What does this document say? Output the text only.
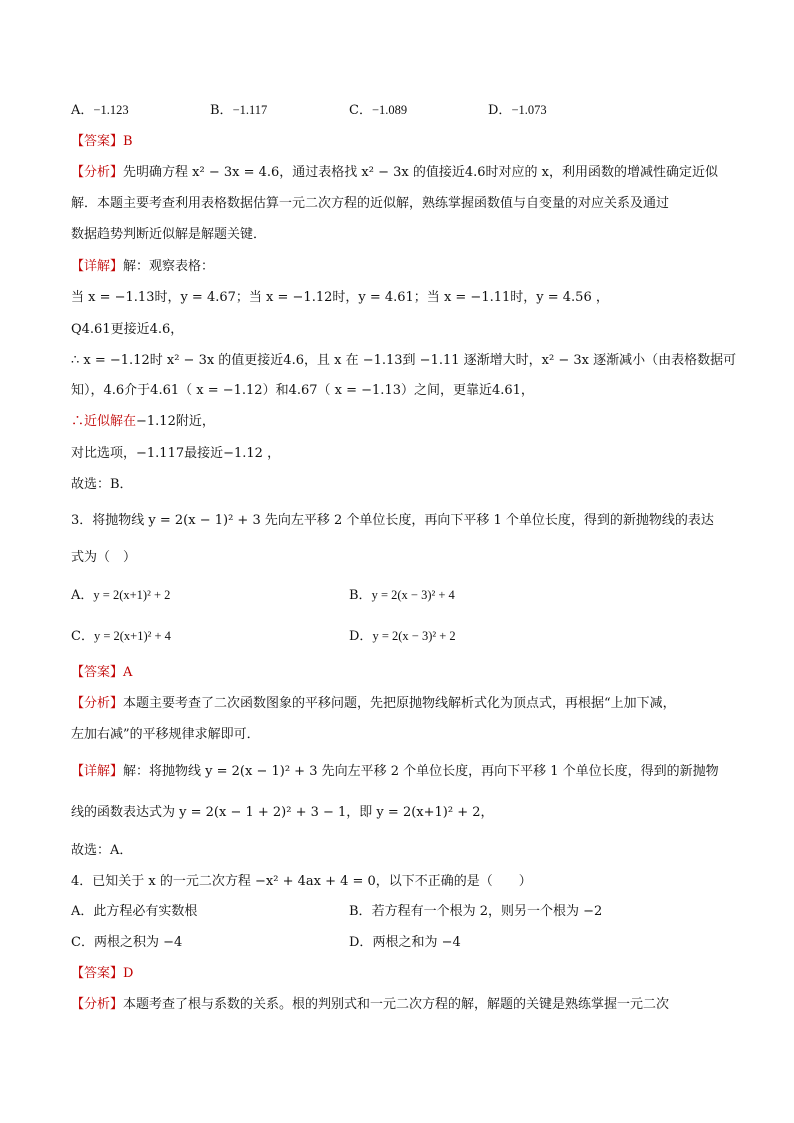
A．−1.123	B．−1.117	C．−1.089	D．−1.073
【答案】B
【分析】先明确方程 x² − 3x = 4.6，通过表格找 x² − 3x 的值接近4.6时对应的 x，利用函数的增减性确定近似
解．本题主要考查利用表格数据估算一元二次方程的近似解，熟练掌握函数值与自变量的对应关系及通过
数据趋势判断近似解是解题关键．
【详解】解：观察表格：
当 x = −1.13时，y = 4.67；当 x = −1.12时，y = 4.61；当 x = −1.11时，y = 4.56 ，
Q4.61更接近4.6，
∴ x = −1.12时 x² − 3x 的值更接近4.6，且 x 在 −1.13到 −1.11 逐渐增大时，x² − 3x 逐渐减小（由表格数据可
知），4.6介于4.61（ x = −1.12）和4.67（ x = −1.13）之间，更靠近4.61，
∴近似解在−1.12附近，
对比选项，−1.117最接近−1.12 ，
故选：B．
3．将抛物线 y = 2(x − 1)² + 3 先向左平移 2 个单位长度，再向下平移 1 个单位长度，得到的新抛物线的表达
式为（　）
A．y = 2(x+1)² + 2	B．y = 2(x − 3)² + 4
C．y = 2(x+1)² + 4	D．y = 2(x − 3)² + 2
【答案】A
【分析】本题主要考查了二次函数图象的平移问题，先把原抛物线解析式化为顶点式，再根据“上加下减，
左加右减”的平移规律求解即可．
【详解】解：将抛物线 y = 2(x − 1)² + 3 先向左平移 2 个单位长度，再向下平移 1 个单位长度，得到的新抛物
线的函数表达式为 y = 2(x − 1 + 2)² + 3 − 1，即 y = 2(x+1)² + 2，
故选：A．
4．已知关于 x 的一元二次方程 −x² + 4ax + 4 = 0，以下不正确的是（　　）
A．此方程必有实数根	B．若方程有一个根为 2，则另一个根为 −2
C．两根之积为 −4	D．两根之和为 −4
【答案】D
【分析】本题考查了根与系数的关系。根的判别式和一元二次方程的解，解题的关键是熟练掌握一元二次
